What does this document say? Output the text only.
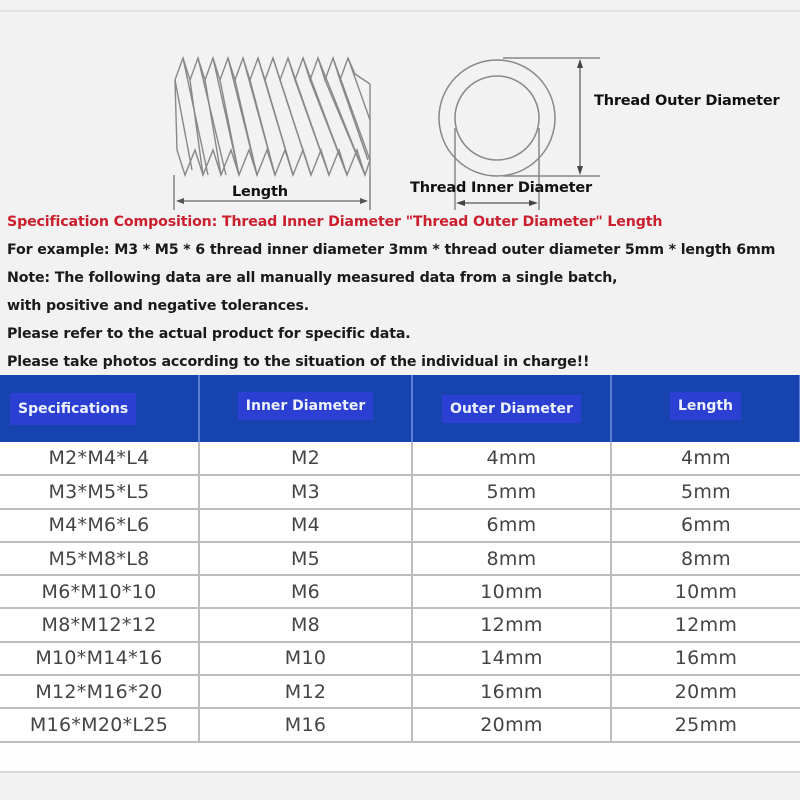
Length	Thread Inner Diameter
Thread Outer Diameter
Specification Composition: Thread Inner Diameter "Thread Outer Diameter" Length
For example: M3 * M5 * 6 thread inner diameter 3mm * thread outer diameter 5mm * length 6mm
Note: The following data are all manually measured data from a single batch,
with positive and negative tolerances.
Please refer to the actual product for specific data.
Please take photos according to the situation of the individual in charge!!
Specifications	Inner Diameter	Outer Diameter	Length
M2*M4*L4	M2	4mm	4mm
M3*M5*L5	M3	5mm	5mm
M4*M6*L6	M4	6mm	6mm
M5*M8*L8	M5	8mm	8mm
M6*M10*10	M6	10mm	10mm
M8*M12*12	M8	12mm	12mm
M10*M14*16	M10	14mm	16mm
M12*M16*20	M12	16mm	20mm
M16*M20*L25	M16	20mm	25mm
